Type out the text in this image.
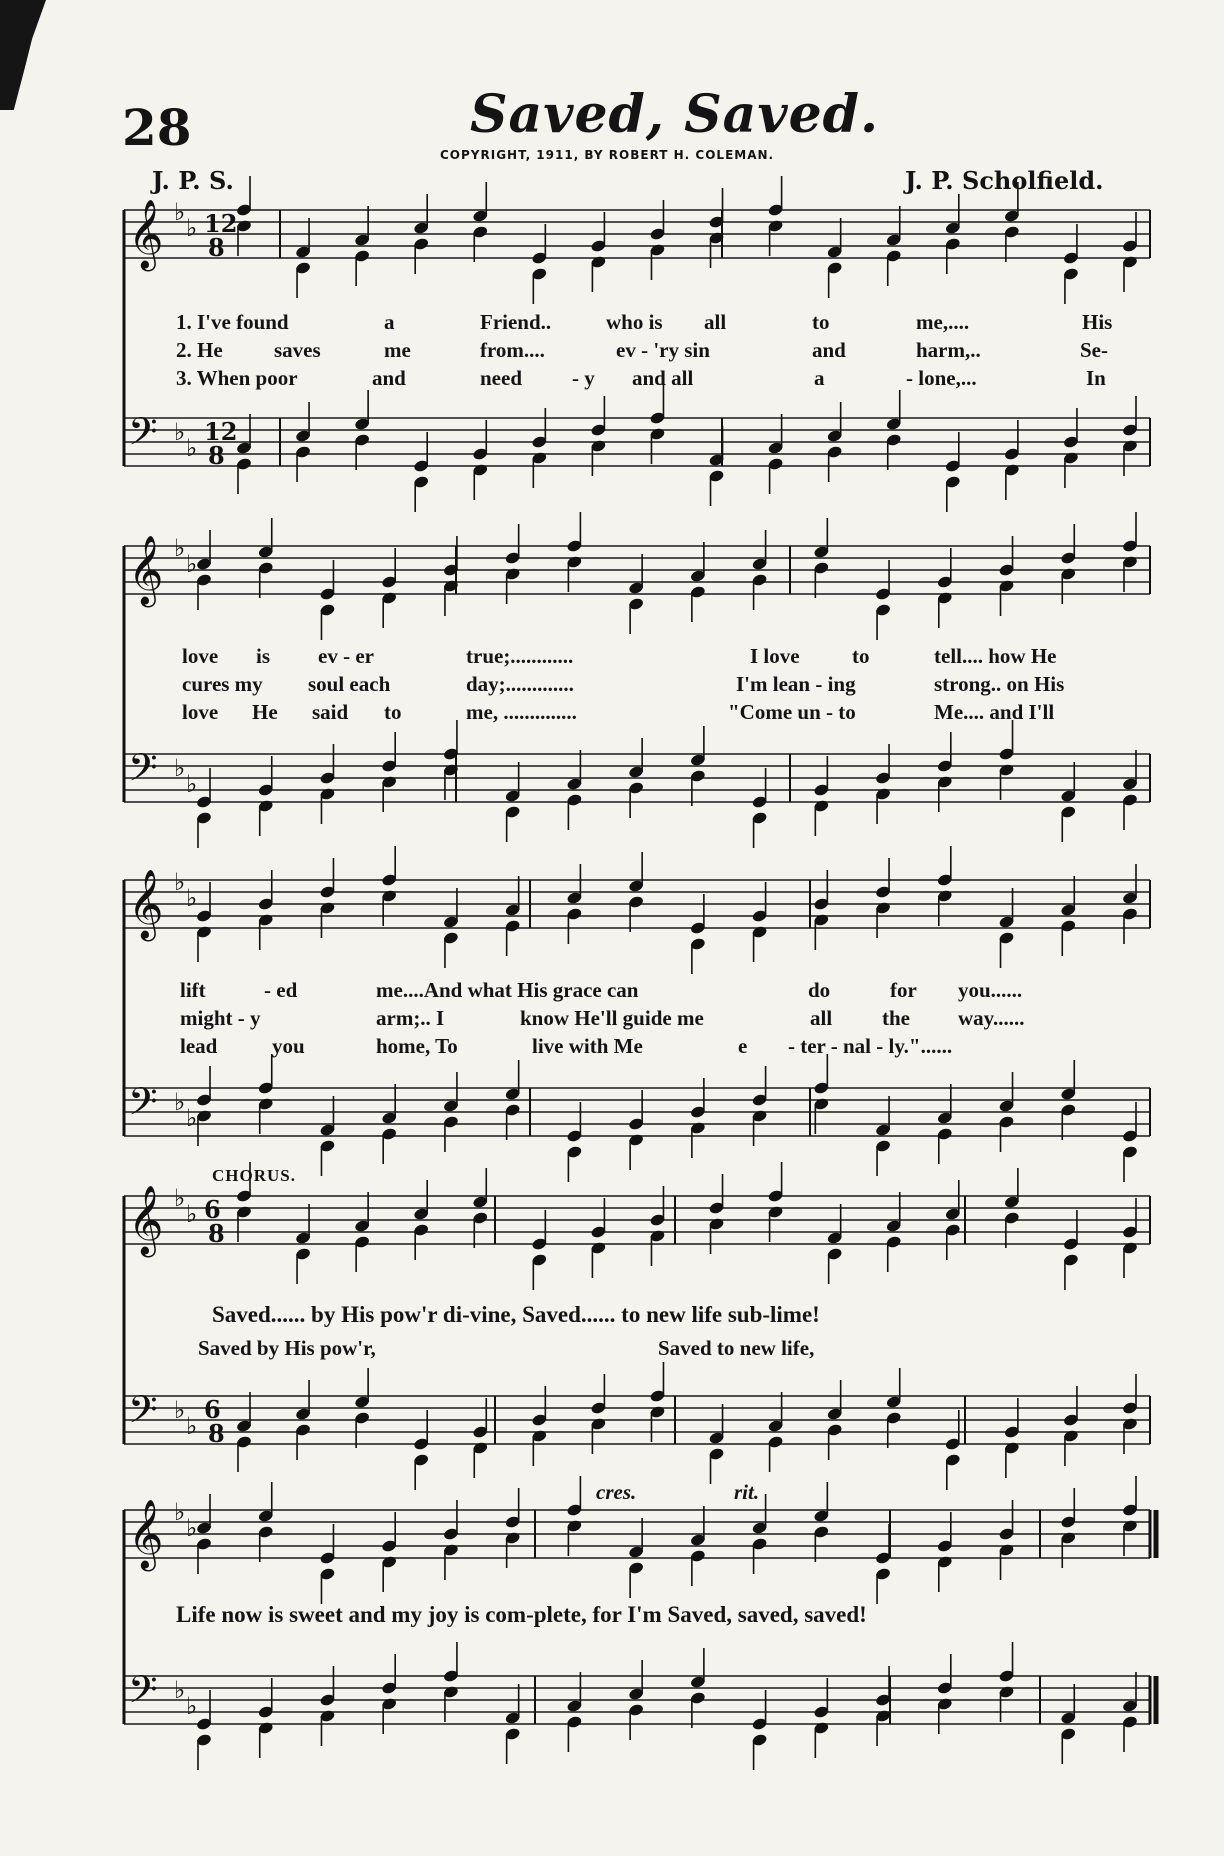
28	Saved, Saved.
COPYRIGHT, 1911, BY ROBERT H. COLEMAN.
J. P. S.	J. P. Scholfield.
𝄞 ♭
♭ 12
8
𝄢 ♭
♭
12
8
𝄞 ♭
♭
𝄢 ♭
♭
𝄞 ♭
♭
𝄢 ♭
♭
𝄞 ♭
♭ 6
8
𝄢 ♭
♭
6
8
𝄞 ♭
♭
𝄢 ♭
♭
1. I've found	a	Friend..	who is all	to	me,....	His
2. He saves	me	from....	ev - 'ry sin	and	harm,..	Se-
3. When poor	and	need - y and all	a	- lone,...	In
love is ev - er	true;............	I love to	tell.... how He
cures my soul each	day;.............	I'm lean - ing	strong.. on His
love He said to	me, ..............	"Come un - to	Me.... and I'll
lift	- ed	me....And what His grace can	do	for you......
might - y	arm;.. I	know He'll guide me	all the way......
lead	you	home, To	live with Me	e - ter - nal - ly."......
CHORUS.
Saved...... by His pow'r di-vine, Saved...... to new life sub-lime!
Saved by His pow'r,	Saved to new life,
cres.	rit.
Life now is sweet and my joy is com-plete, for I'm Saved, saved, saved!
